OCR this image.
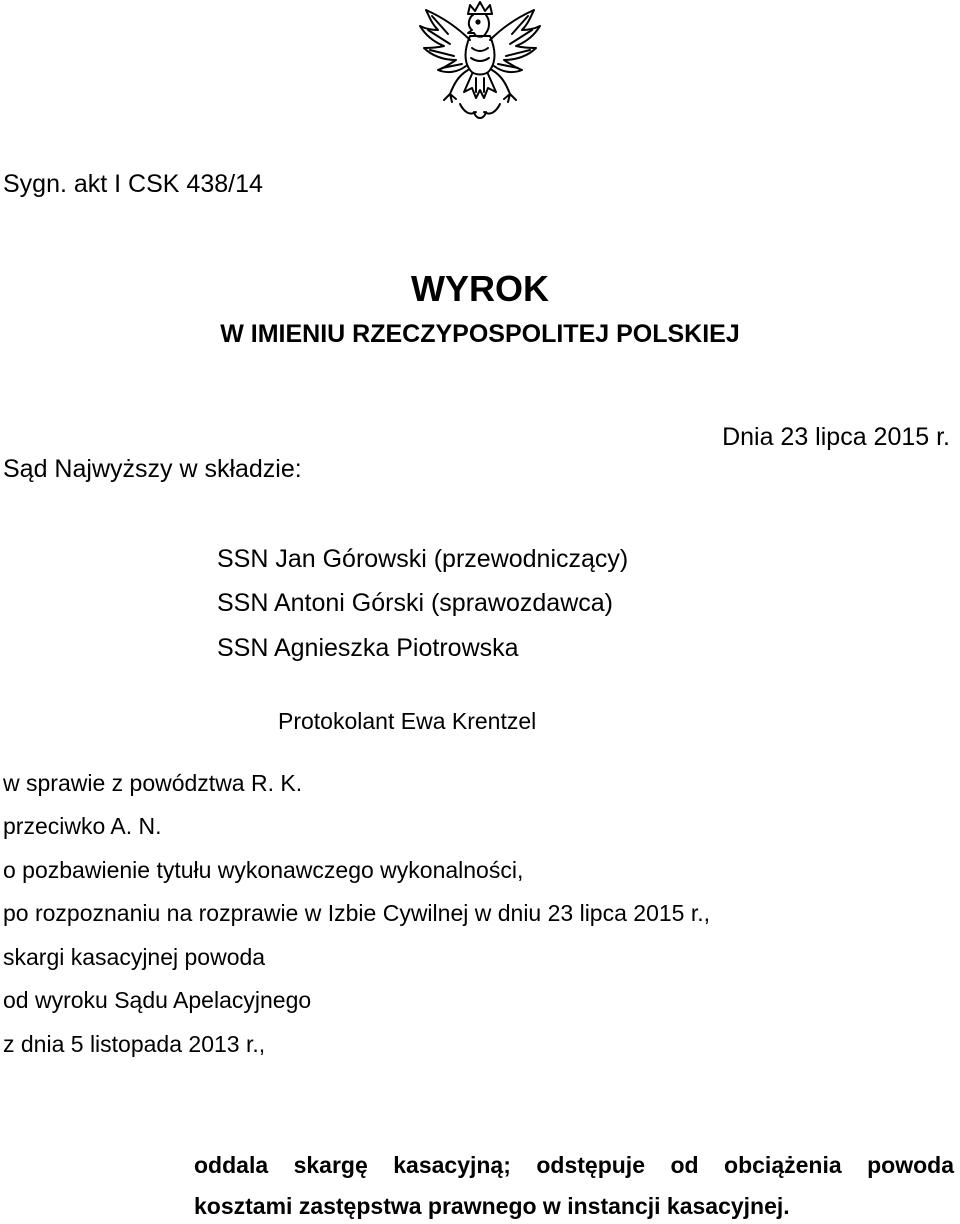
Sygn. akt I CSK 438/14
WYROK
W IMIENIU RZECZYPOSPOLITEJ POLSKIEJ
Dnia 23 lipca 2015 r.
Sąd Najwyższy w składzie:
SSN Jan Górowski (przewodniczący)
SSN Antoni Górski (sprawozdawca)
SSN Agnieszka Piotrowska
Protokolant Ewa Krentzel
w sprawie z powództwa R. K.
przeciwko A. N.
o pozbawienie tytułu wykonawczego wykonalności,
po rozpoznaniu na rozprawie w Izbie Cywilnej w dniu 23 lipca 2015 r.,
skargi kasacyjnej powoda
od wyroku Sądu Apelacyjnego
z dnia 5 listopada 2013 r.,
oddala skargę kasacyjną; odstępuje od obciążenia powoda
kosztami zastępstwa prawnego w instancji kasacyjnej.
